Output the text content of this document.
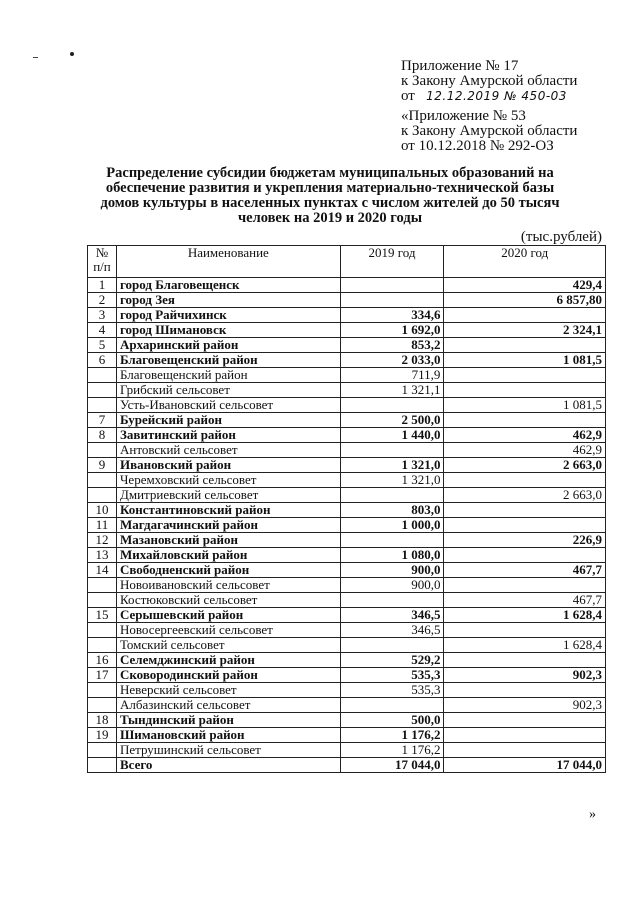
Приложение № 17
к Закону Амурской области
от 12.12.2019 № 450-03
«Приложение № 53
к Закону Амурской области
от 10.12.2018 № 292-ОЗ
Распределение субсидии бюджетам муниципальных образований на
обеспечение развития и укрепления материально-технической базы
домов культуры в населенных пунктах с числом жителей до 50 тысяч
человек на 2019 и 2020 годы
(тыс.рублей)
№
п/п	Наименование	2019 год	2020 год
1	город Благовещенск		429,4
2	город Зея		6 857,80
3	город Райчихинск	334,6	
4	город Шимановск	1 692,0	2 324,1
5	Архаринский район	853,2	
6	Благовещенский район	2 033,0	1 081,5
	Благовещенский район	711,9	
	Грибский сельсовет	1 321,1	
	Усть-Ивановский сельсовет		1 081,5
7	Бурейский район	2 500,0	
8	Завитинский район	1 440,0	462,9
	Антовский сельсовет		462,9
9	Ивановский район	1 321,0	2 663,0
	Черемховский сельсовет	1 321,0	
	Дмитриевский сельсовет		2 663,0
10	Константиновский район	803,0	
11	Магдагачинский район	1 000,0	
12	Мазановский район		226,9
13	Михайловский район	1 080,0	
14	Свободненский район	900,0	467,7
	Новоивановский сельсовет	900,0	
	Костюковский сельсовет		467,7
15	Серышевский район	346,5	1 628,4
	Новосергеевский сельсовет	346,5	
	Томский сельсовет		1 628,4
16	Селемджинский район	529,2	
17	Сковородинский район	535,3	902,3
	Неверский сельсовет	535,3	
	Албазинский сельсовет		902,3
18	Тындинский район	500,0	
19	Шимановский район	1 176,2	
	Петрушинский сельсовет	1 176,2	
	Всего	17 044,0	17 044,0
»
